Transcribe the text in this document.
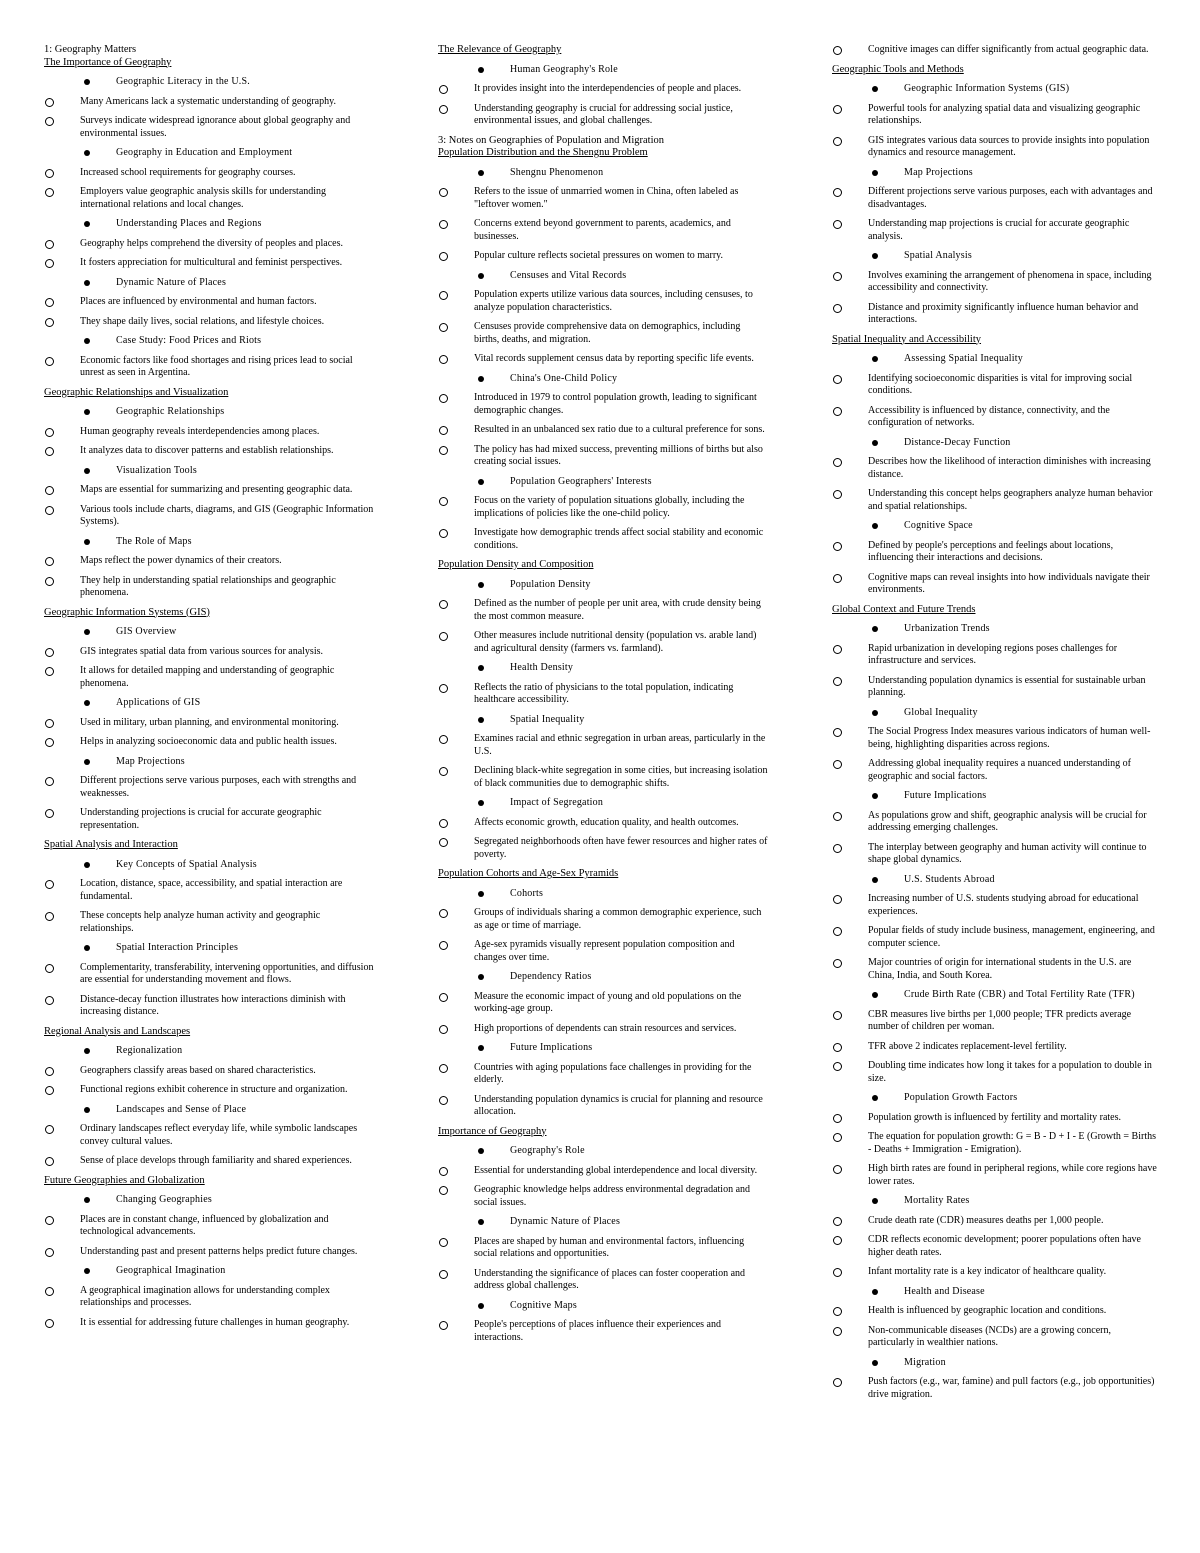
1: Geography Matters

The Importance of Geography

Geographic Literacy in the U.S.

Many Americans lack a systematic understanding of geography.

Surveys indicate widespread ignorance about global geography and environmental issues.

Geography in Education and Employment

Increased school requirements for geography courses.

Employers value geographic analysis skills for understanding international relations and local changes.

Understanding Places and Regions

Geography helps comprehend the diversity of peoples and places.

It fosters appreciation for multicultural and feminist perspectives.

Dynamic Nature of Places

Places are influenced by environmental and human factors.

They shape daily lives, social relations, and lifestyle choices.

Case Study: Food Prices and Riots

Economic factors like food shortages and rising prices lead to social unrest as seen in Argentina.

Geographic Relationships and Visualization

Geographic Relationships

Human geography reveals interdependencies among places.

It analyzes data to discover patterns and establish relationships.

Visualization Tools

Maps are essential for summarizing and presenting geographic data.

Various tools include charts, diagrams, and GIS (Geographic Information Systems).

The Role of Maps

Maps reflect the power dynamics of their creators.

They help in understanding spatial relationships and geographic phenomena.

Geographic Information Systems (GIS)

GIS Overview

GIS integrates spatial data from various sources for analysis.

It allows for detailed mapping and understanding of geographic phenomena.

Applications of GIS

Used in military, urban planning, and environmental monitoring.

Helps in analyzing socioeconomic data and public health issues.

Map Projections

Different projections serve various purposes, each with strengths and weaknesses.

Understanding projections is crucial for accurate geographic representation.

Spatial Analysis and Interaction

Key Concepts of Spatial Analysis

Location, distance, space, accessibility, and spatial interaction are fundamental.

These concepts help analyze human activity and geographic relationships.

Spatial Interaction Principles

Complementarity, transferability, intervening opportunities, and diffusion are essential for understanding movement and flows.

Distance-decay function illustrates how interactions diminish with increasing distance.

Regional Analysis and Landscapes

Regionalization

Geographers classify areas based on shared characteristics.

Functional regions exhibit coherence in structure and organization.

Landscapes and Sense of Place

Ordinary landscapes reflect everyday life, while symbolic landscapes convey cultural values.

Sense of place develops through familiarity and shared experiences.

Future Geographies and Globalization

Changing Geographies

Places are in constant change, influenced by globalization and technological advancements.

Understanding past and present patterns helps predict future changes.

Geographical Imagination

A geographical imagination allows for understanding complex relationships and processes.

It is essential for addressing future challenges in human geography.

The Relevance of Geography

Human Geography's Role

It provides insight into the interdependencies of people and places.

Understanding geography is crucial for addressing social justice, environmental issues, and global challenges.

3: Notes on Geographies of Population and Migration

Population Distribution and the Shengnu Problem

Shengnu Phenomenon

Refers to the issue of unmarried women in China, often labeled as "leftover women."

Concerns extend beyond government to parents, academics, and businesses.

Popular culture reflects societal pressures on women to marry.

Censuses and Vital Records

Population experts utilize various data sources, including censuses, to analyze population characteristics.

Censuses provide comprehensive data on demographics, including births, deaths, and migration.

Vital records supplement census data by reporting specific life events.

China's One-Child Policy

Introduced in 1979 to control population growth, leading to significant demographic changes.

Resulted in an unbalanced sex ratio due to a cultural preference for sons.

The policy has had mixed success, preventing millions of births but also creating social issues.

Population Geographers' Interests

Focus on the variety of population situations globally, including the implications of policies like the one-child policy.

Investigate how demographic trends affect social stability and economic conditions.

Population Density and Composition

Population Density

Defined as the number of people per unit area, with crude density being the most common measure.

Other measures include nutritional density (population vs. arable land) and agricultural density (farmers vs. farmland).

Health Density

Reflects the ratio of physicians to the total population, indicating healthcare accessibility.

Spatial Inequality

Examines racial and ethnic segregation in urban areas, particularly in the U.S.

Declining black-white segregation in some cities, but increasing isolation of black communities due to demographic shifts.

Impact of Segregation

Affects economic growth, education quality, and health outcomes.

Segregated neighborhoods often have fewer resources and higher rates of poverty.

Population Cohorts and Age-Sex Pyramids

Cohorts

Groups of individuals sharing a common demographic experience, such as age or time of marriage.

Age-sex pyramids visually represent population composition and changes over time.

Dependency Ratios

Measure the economic impact of young and old populations on the working-age group.

High proportions of dependents can strain resources and services.

Future Implications

Countries with aging populations face challenges in providing for the elderly.

Understanding population dynamics is crucial for planning and resource allocation.

Importance of Geography

Geography's Role

Essential for understanding global interdependence and local diversity.

Geographic knowledge helps address environmental degradation and social issues.

Dynamic Nature of Places

Places are shaped by human and environmental factors, influencing social relations and opportunities.

Understanding the significance of places can foster cooperation and address global challenges.

Cognitive Maps

People's perceptions of places influence their experiences and interactions.

Cognitive images can differ significantly from actual geographic data.

Geographic Tools and Methods

Geographic Information Systems (GIS)

Powerful tools for analyzing spatial data and visualizing geographic relationships.

GIS integrates various data sources to provide insights into population dynamics and resource management.

Map Projections

Different projections serve various purposes, each with advantages and disadvantages.

Understanding map projections is crucial for accurate geographic analysis.

Spatial Analysis

Involves examining the arrangement of phenomena in space, including accessibility and connectivity.

Distance and proximity significantly influence human behavior and interactions.

Spatial Inequality and Accessibility

Assessing Spatial Inequality

Identifying socioeconomic disparities is vital for improving social conditions.

Accessibility is influenced by distance, connectivity, and the configuration of networks.

Distance-Decay Function

Describes how the likelihood of interaction diminishes with increasing distance.

Understanding this concept helps geographers analyze human behavior and spatial relationships.

Cognitive Space

Defined by people's perceptions and feelings about locations, influencing their interactions and decisions.

Cognitive maps can reveal insights into how individuals navigate their environments.

Global Context and Future Trends

Urbanization Trends

Rapid urbanization in developing regions poses challenges for infrastructure and services.

Understanding population dynamics is essential for sustainable urban planning.

Global Inequality

The Social Progress Index measures various indicators of human well-being, highlighting disparities across regions.

Addressing global inequality requires a nuanced understanding of geographic and social factors.

Future Implications

As populations grow and shift, geographic analysis will be crucial for addressing emerging challenges.

The interplay between geography and human activity will continue to shape global dynamics.

U.S. Students Abroad

Increasing number of U.S. students studying abroad for educational experiences.

Popular fields of study include business, management, engineering, and computer science.

Major countries of origin for international students in the U.S. are China, India, and South Korea.

Crude Birth Rate (CBR) and Total Fertility Rate (TFR)

CBR measures live births per 1,000 people; TFR predicts average number of children per woman.

TFR above 2 indicates replacement-level fertility.

Doubling time indicates how long it takes for a population to double in size.

Population Growth Factors

Population growth is influenced by fertility and mortality rates.

The equation for population growth: G = B - D + I - E (Growth = Births - Deaths + Immigration - Emigration).

High birth rates are found in peripheral regions, while core regions have lower rates.

Mortality Rates

Crude death rate (CDR) measures deaths per 1,000 people.

CDR reflects economic development; poorer populations often have higher death rates.

Infant mortality rate is a key indicator of healthcare quality.

Health and Disease

Health is influenced by geographic location and conditions.

Non-communicable diseases (NCDs) are a growing concern, particularly in wealthier nations.

Migration

Push factors (e.g., war, famine) and pull factors (e.g., job opportunities) drive migration.
